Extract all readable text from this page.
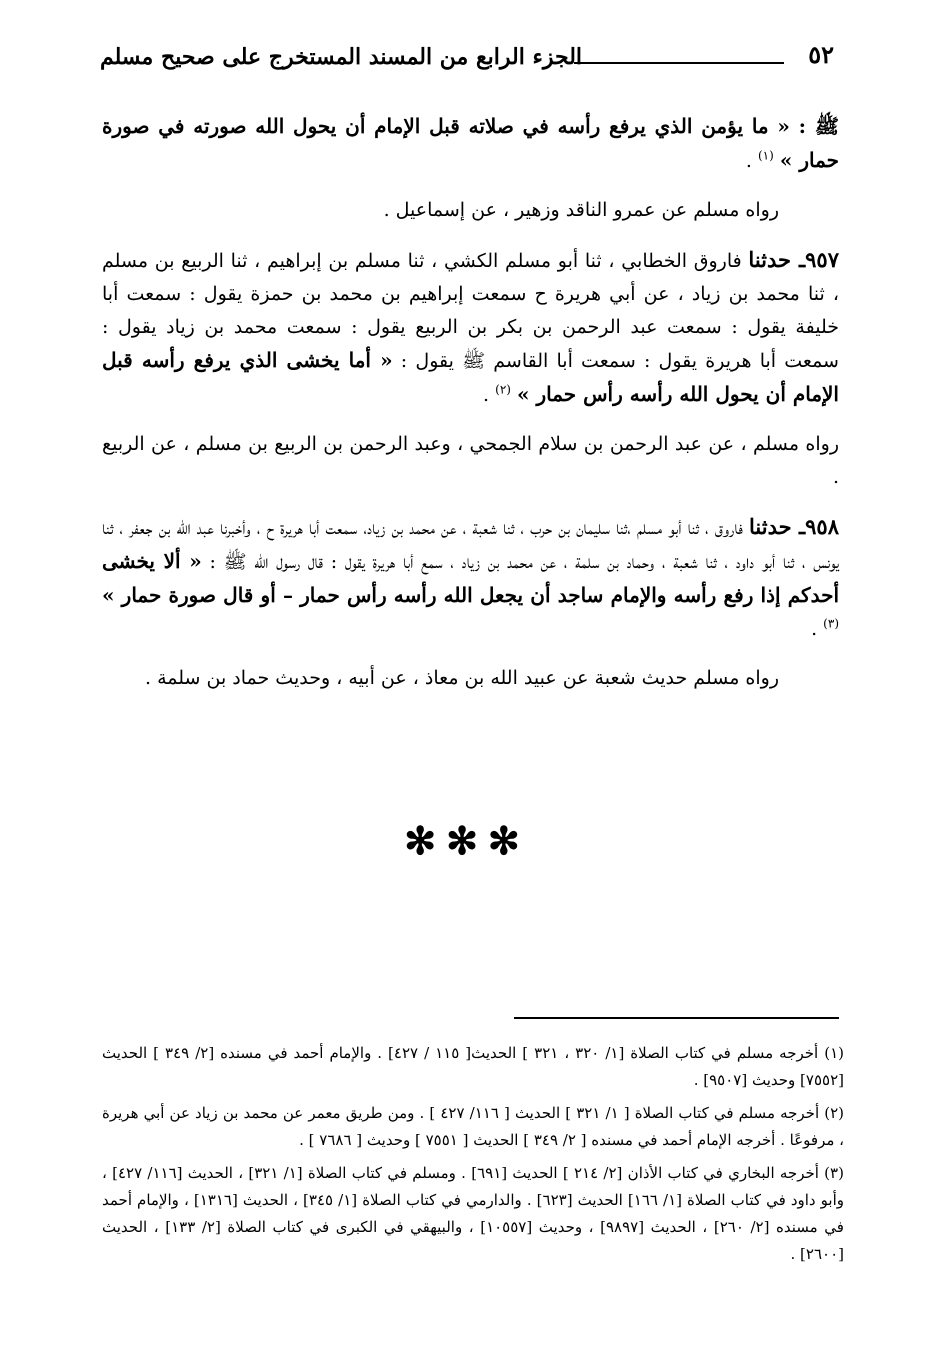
٥٢
الجزء الرابع من المسند المستخرج على صحيح مسلم

ﷺ : « ما يؤمن الذي يرفع رأسه في صلاته قبل الإمام أن يحول الله صورته في صورة حمار » $^{(١)}$ .

رواه مسلم عن عمرو الناقد وزهير ، عن إسماعيل .

٩٥٧ـ حدثنا فاروق الخطابي ، ثنا أبو مسلم الكشي ، ثنا مسلم بن إبراهيم ، ثنا الربيع بن مسلم ، ثنا محمد بن زياد ، عن أبي هريرة ح سمعت إبراهيم بن محمد بن حمزة يقول : سمعت أبا خليفة يقول : سمعت عبد الرحمن بن بكر بن الربيع يقول : سمعت محمد بن زياد يقول : سمعت أبا هريرة يقول : سمعت أبا القاسم ﷺ يقول : « أما يخشى الذي يرفع رأسه قبل الإمام أن يحول الله رأسه رأس حمار » $^{(٢)}$ .

رواه مسلم ، عن عبد الرحمن بن سلام الجمحي ، وعبد الرحمن بن الربيع بن مسلم ، عن الربيع .

٩٥٨ـ حدثنا فاروق ، ثنا أبو مسلم ،ثنا سليمان بن حرب ، ثنا شعبة ، عن محمد بن زياد، سمعت أبا هريرة ح ، وأخبرنا عبد الله بن جعفر ، ثنا يونس ، ثنا أبو داود ، ثنا شعبة ، وحماد بن سلمة ، عن محمد بن زياد ، سمع أبا هريرة يقول : قال رسول الله ﷺ : « ألا يخشى أحدكم إذا رفع رأسه والإمام ساجد أن يجعل الله رأسه رأس حمار – أو قال صورة حمار » $^{(٣)}$ .

رواه مسلم حديث شعبة عن عبيد الله بن معاذ ، عن أبيه ، وحديث حماد بن سلمة .

✻✻✻

(١) أخرجه مسلم في كتاب الصلاة [١/ ٣٢٠ ، ٣٢١ ] الحديث[ ١١٥ / ٤٢٧] . والإمام أحمد في مسنده [٢/ ٣٤٩ ] الحديث [٧٥٥٢] وحديث [٩٥٠٧] .

(٢) أخرجه مسلم في كتاب الصلاة [ ١/ ٣٢١ ] الحديث [ ١١٦/ ٤٢٧ ] . ومن طريق معمر عن محمد بن زياد عن أبي هريرة ، مرفوعًا . أخرجه الإمام أحمد في مسنده [ ٢/ ٣٤٩ ] الحديث [ ٧٥٥١ ] وحديث [ ٧٦٨٦ ] .

(٣) أخرجه البخاري في كتاب الأذان [٢/ ٢١٤ ] الحديث [٦٩١] . ومسلم في كتاب الصلاة [١/ ٣٢١] ، الحديث [١١٦/ ٤٢٧] ، وأبو داود في كتاب الصلاة [١/ ١٦٦] الحديث [٦٢٣] . والدارمي في كتاب الصلاة [١/ ٣٤٥] ، الحديث [١٣١٦] ، والإمام أحمد في مسنده [٢/ ٢٦٠] ، الحديث [٩٨٩٧] ، وحديث [١٠٥٥٧] ، والبيهقي في الكبرى في كتاب الصلاة [٢/ ١٣٣] ، الحديث [٢٦٠٠] .
